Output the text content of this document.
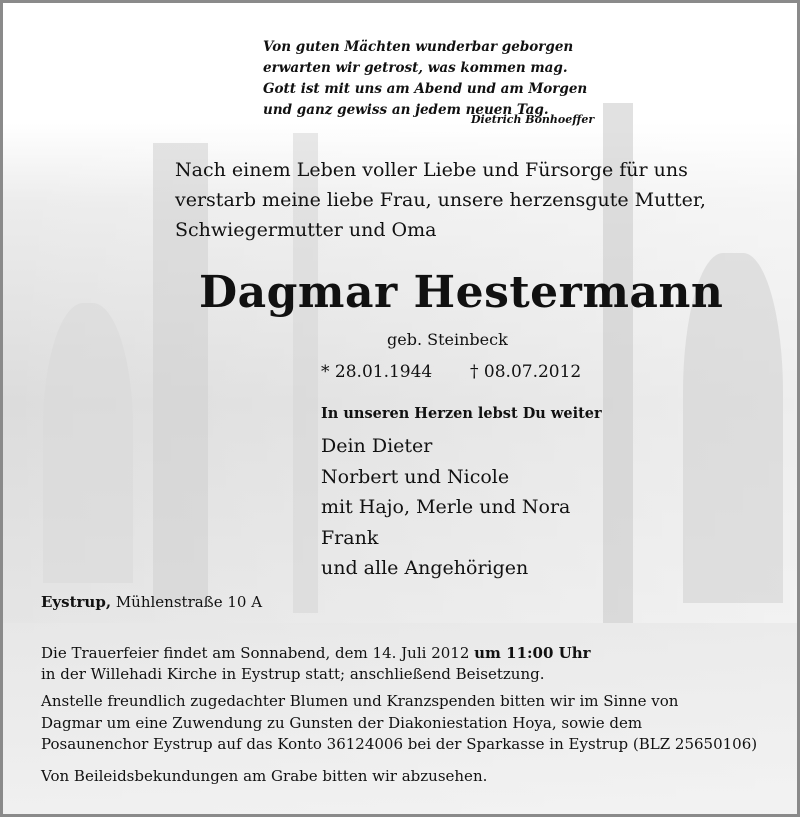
Von guten Mächten wunderbar geborgen
erwarten wir getrost, was kommen mag.
Gott ist mit uns am Abend und am Morgen
und ganz gewiss an jedem neuen Tag.
Dietrich Bonhoeffer
Nach einem Leben voller Liebe und Fürsorge für uns
verstarb meine liebe Frau, unsere herzensgute Mutter,
Schwiegermutter und Oma
Dagmar Hestermann
geb. Steinbeck
* 28.01.1944 † 08.07.2012
In unseren Herzen lebst Du weiter
Dein Dieter
Norbert und Nicole
mit Hajo, Merle und Nora
Frank
und alle Angehörigen
Eystrup, Mühlenstraße 10 A
Die Trauerfeier findet am Sonnabend, dem 14. Juli 2012 um 11:00 Uhr
in der Willehadi Kirche in Eystrup statt; anschließend Beisetzung.
Anstelle freundlich zugedachter Blumen und Kranzspenden bitten wir im Sinne von
Dagmar um eine Zuwendung zu Gunsten der Diakoniestation Hoya, sowie dem
Posaunenchor Eystrup auf das Konto 36124006 bei der Sparkasse in Eystrup (BLZ 25650106)
Von Beileidsbekundungen am Grabe bitten wir abzusehen.
